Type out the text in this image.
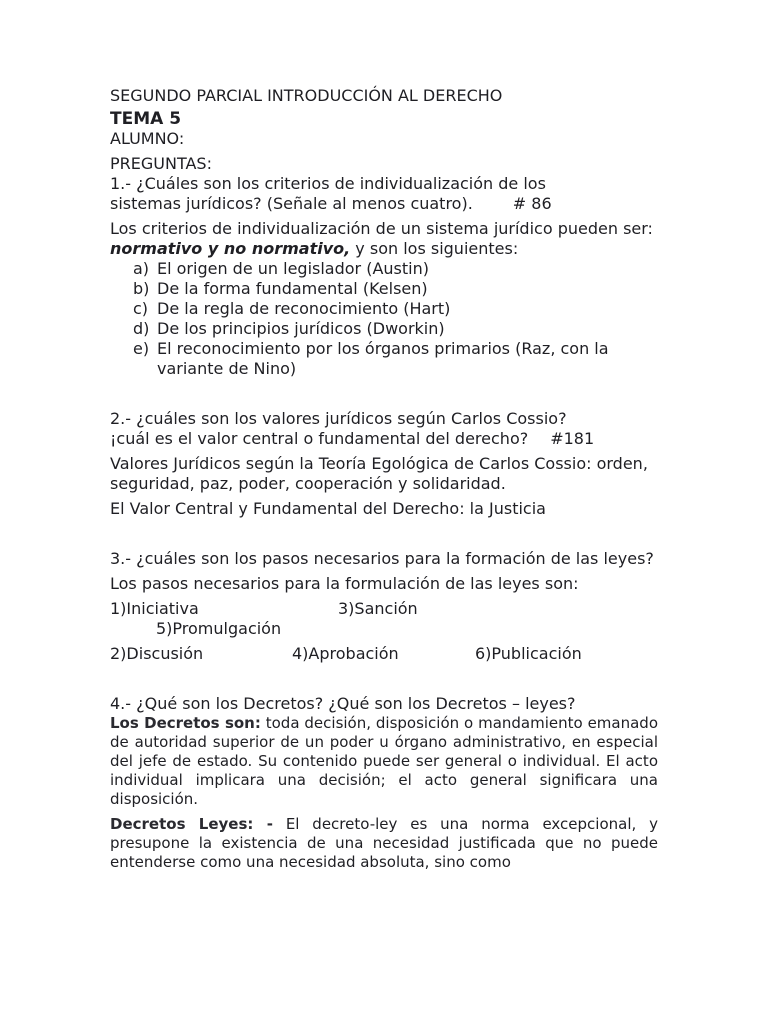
SEGUNDO PARCIAL INTRODUCCIÓN AL DERECHO
TEMA 5
ALUMNO:
PREGUNTAS:
1.- ¿Cuáles son los criterios de individualización de los
sistemas jurídicos? (Señale al menos cuatro).	# 86

Los criterios de individualización de un sistema jurídico pueden ser: normativo y no normativo, y son los siguientes:

a) El origen de un legislador (Austin)
b) De la forma fundamental (Kelsen)
c) De la regla de reconocimiento (Hart)
d) De los principios jurídicos (Dworkin)
e) El reconocimiento por los órganos primarios (Raz, con la variante de Nino)
2.- ¿cuáles son los valores jurídicos según Carlos Cossio?
¡cuál es el valor central o fundamental del derecho? #181

Valores Jurídicos según la Teoría Egológica de Carlos Cossio: orden, seguridad, paz, poder, cooperación y solidaridad.

El Valor Central y Fundamental del Derecho: la Justicia

3.- ¿cuáles son los pasos necesarios para la formación de las leyes?

Los pasos necesarios para la formulación de las leyes son:

1)Iniciativa	3)Sanción
5)Promulgación
2)Discusión	4)Aprobación	6)Publicación
4.- ¿Qué son los Decretos? ¿Qué son los Decretos – leyes?

Los Decretos son: toda decisión, disposición o mandamiento emanado de autoridad superior de un poder u órgano administrativo, en especial del jefe de estado. Su contenido puede ser general o individual. El acto individual implicara una decisión; el acto general significara una disposición.

Decretos Leyes: - El decreto-ley es una norma excepcional, y presupone la existencia de una necesidad justificada que no puede entenderse como una necesidad absoluta, sino como
